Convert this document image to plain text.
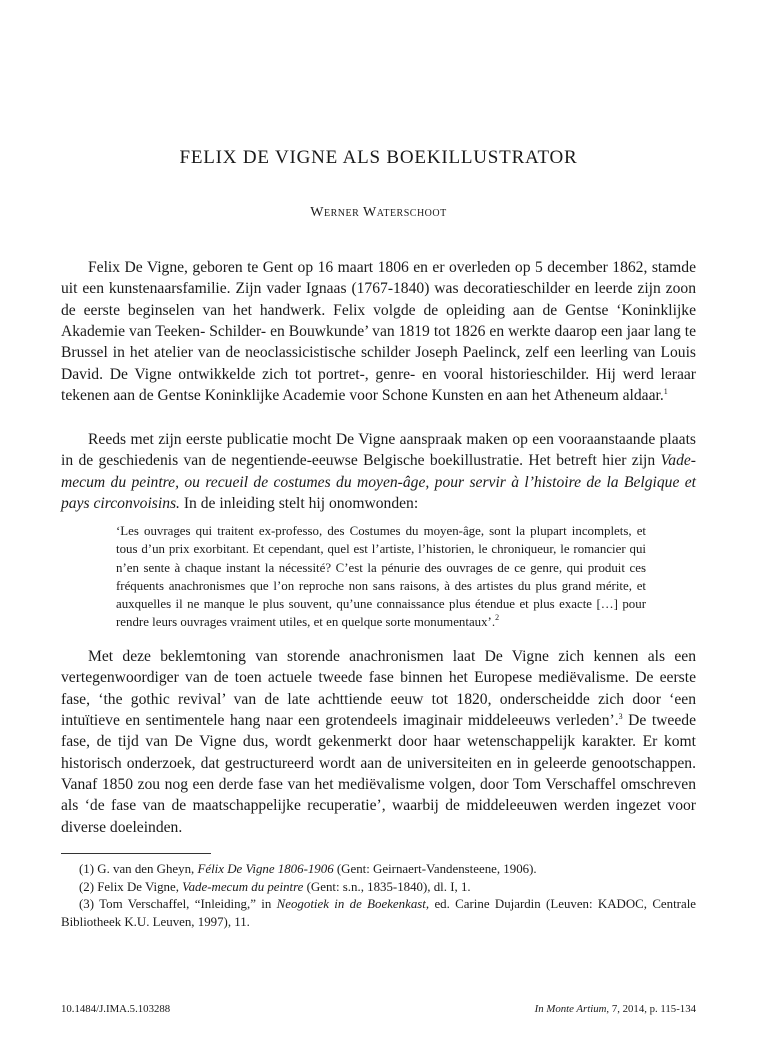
FELIX DE VIGNE ALS BOEKILLUSTRATOR
Werner Waterschoot

Felix De Vigne, geboren te Gent op 16 maart 1806 en er overleden op 5 december 1862, stamde uit een kunstenaarsfamilie. Zijn vader Ignaas (1767-1840) was decoratieschilder en leerde zijn zoon de eerste beginselen van het handwerk. Felix volgde de opleiding aan de Gentse ‘Koninklijke Akademie van Teeken- Schilder- en Bouwkunde’ van 1819 tot 1826 en werkte daarop een jaar lang te Brussel in het atelier van de neoclassicistische schilder Joseph Paelinck, zelf een leerling van Louis David. De Vigne ontwikkelde zich tot portret-, genre- en vooral historieschilder. Hij werd leraar tekenen aan de Gentse Koninklijke Academie voor Schone Kunsten en aan het Atheneum aldaar.$^1$

Reeds met zijn eerste publicatie mocht De Vigne aanspraak maken op een vooraanstaande plaats in de geschiedenis van de negentiende-eeuwse Belgische boekillustratie. Het betreft hier zijn Vade-mecum du peintre, ou recueil de costumes du moyen-âge, pour servir à l’histoire de la Belgique et pays circonvoisins. In de inleiding stelt hij onomwonden:

‘Les ouvrages qui traitent ex-professo, des Costumes du moyen-âge, sont la plupart incomplets, et tous d’un prix exorbitant. Et cependant, quel est l’artiste, l’historien, le chroniqueur, le romancier qui n’en sente à chaque instant la nécessité? C’est la pénurie des ouvrages de ce genre, qui produit ces fréquents anachronismes que l’on reproche non sans raisons, à des artistes du plus grand mérite, et auxquelles il ne manque le plus souvent, qu’une connaissance plus étendue et plus exacte […] pour rendre leurs ouvrages vraiment utiles, et en quelque sorte monumentaux’.$^2$

Met deze beklemtoning van storende anachronismen laat De Vigne zich kennen als een vertegenwoordiger van de toen actuele tweede fase binnen het Europese mediëvalisme. De eerste fase, ‘the gothic revival’ van de late achttiende eeuw tot 1820, onderscheidde zich door ‘een intuïtieve en sentimentele hang naar een grotendeels imaginair middeleeuws verleden’.$^3$ De tweede fase, de tijd van De Vigne dus, wordt gekenmerkt door haar wetenschappelijk karakter. Er komt historisch onderzoek, dat gestructureerd wordt aan de universiteiten en in geleerde genootschappen. Vanaf 1850 zou nog een derde fase van het mediëvalisme volgen, door Tom Verschaffel omschreven als ‘de fase van de maatschappelijke recuperatie’, waarbij de middeleeuwen werden ingezet voor diverse doeleinden.

(1) G. van den Gheyn, Félix De Vigne 1806-1906 (Gent: Geirnaert-Vandensteene, 1906).

(2) Felix De Vigne, Vade-mecum du peintre (Gent: s.n., 1835-1840), dl. I, 1.

(3) Tom Verschaffel, “Inleiding,” in Neogotiek in de Boekenkast, ed. Carine Dujardin (Leuven: KADOC, Centrale Bibliotheek K.U. Leuven, 1997), 11.

10.1484/J.IMA.5.103288	In Monte Artium, 7, 2014, p. 115-134
